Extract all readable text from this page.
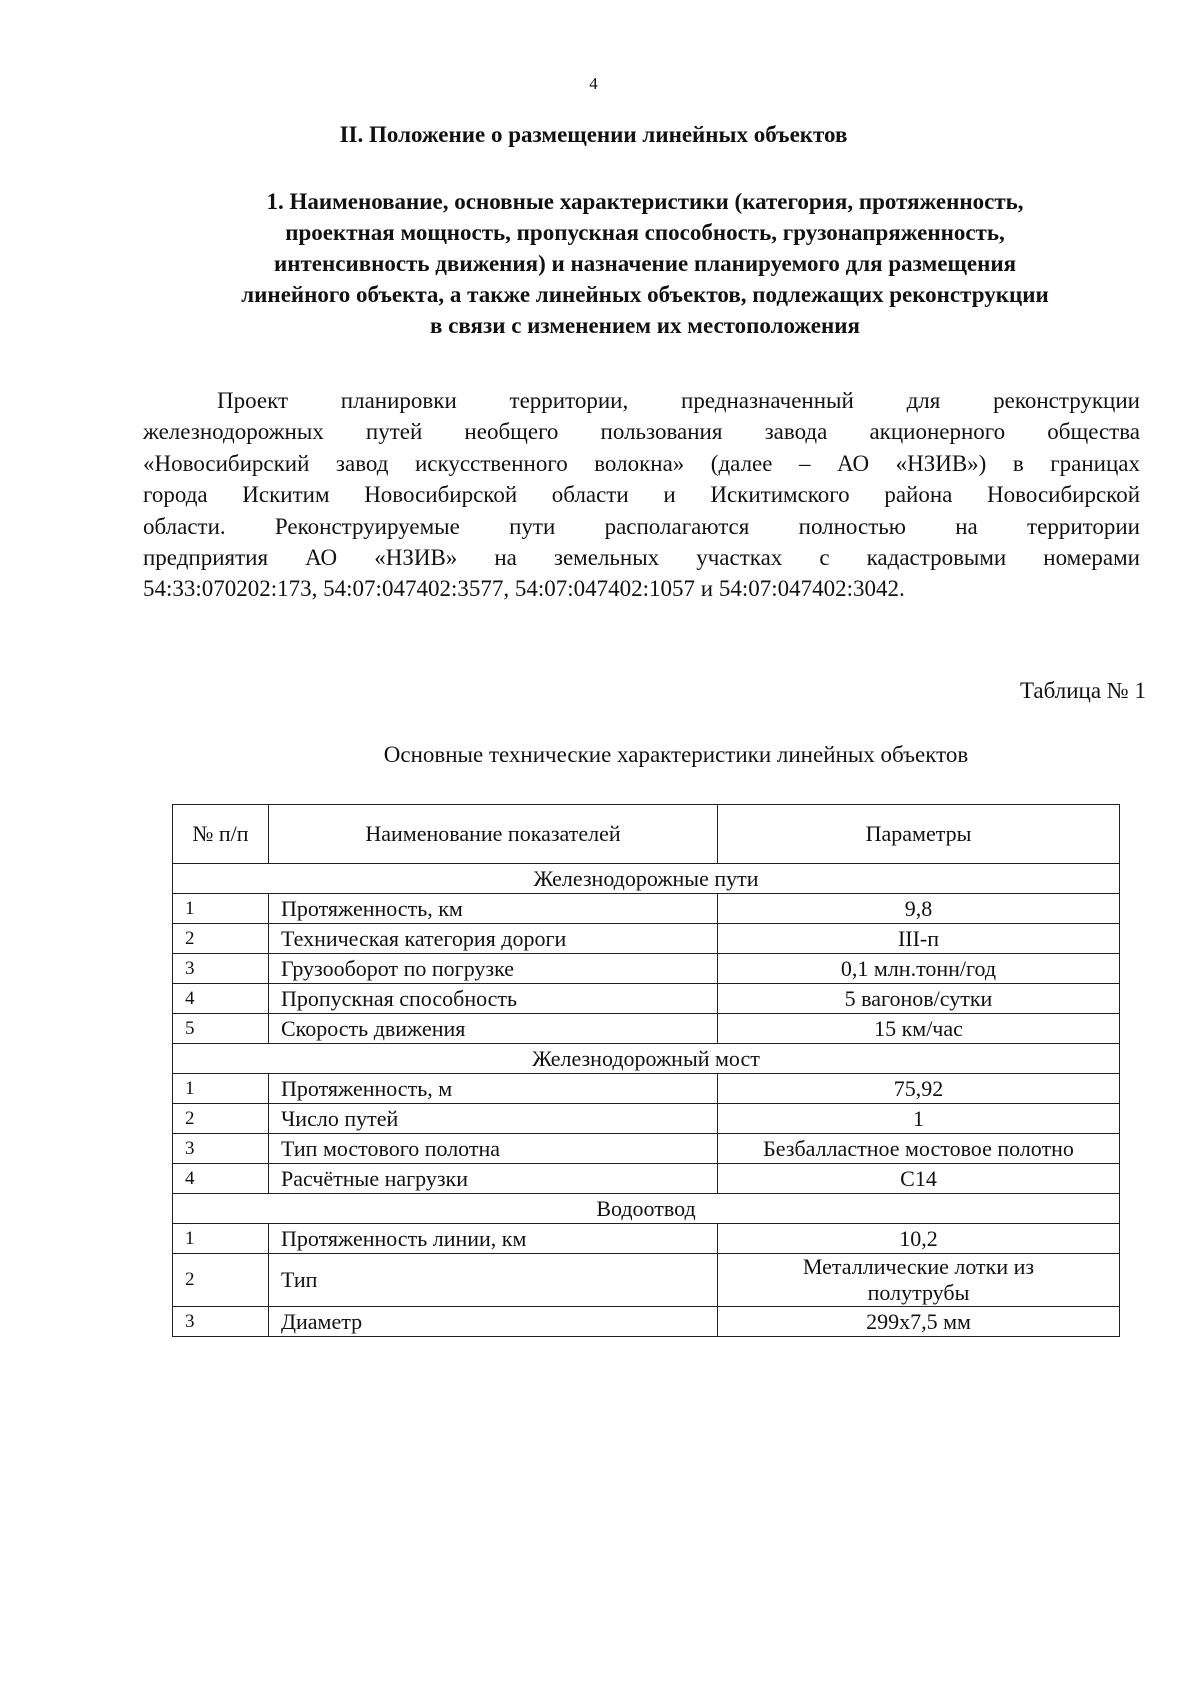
4
II. Положение о размещении линейных объектов
1. Наименование, основные характеристики (категория, протяженность,
проектная мощность, пропускная способность, грузонапряженность,
интенсивность движения) и назначение планируемого для размещения
линейного объекта, а также линейных объектов, подлежащих реконструкции
в связи с изменением их местоположения
Проект планировки территории, предназначенный для реконструкции
железнодорожных путей необщего пользования завода акционерного общества
«Новосибирский завод искусственного волокна» (далее – АО «НЗИВ») в границах
города Искитим Новосибирской области и Искитимского района Новосибирской
области. Реконструируемые пути располагаются полностью на территории
предприятия АО «НЗИВ» на земельных участках с кадастровыми номерами
54:33:070202:173, 54:07:047402:3577, 54:07:047402:1057 и 54:07:047402:3042.
Таблица № 1
Основные технические характеристики линейных объектов
№ п/п	Наименование показателей	Параметры
Железнодорожные пути		
1	Протяженность, км	9,8
2	Техническая категория дороги	III-п
3	Грузооборот по погрузке	0,1 млн.тонн/год
4	Пропускная способность	5 вагонов/сутки
5	Скорость движения	15 км/час
Железнодорожный мост		
1	Протяженность, м	75,92
2	Число путей	1
3	Тип мостового полотна	Безбалластное мостовое полотно
4	Расчётные нагрузки	С14
Водоотвод		
1	Протяженность линии, км	10,2
2	Тип	Металлические лотки из полутрубы
3	Диаметр	299х7,5 мм
